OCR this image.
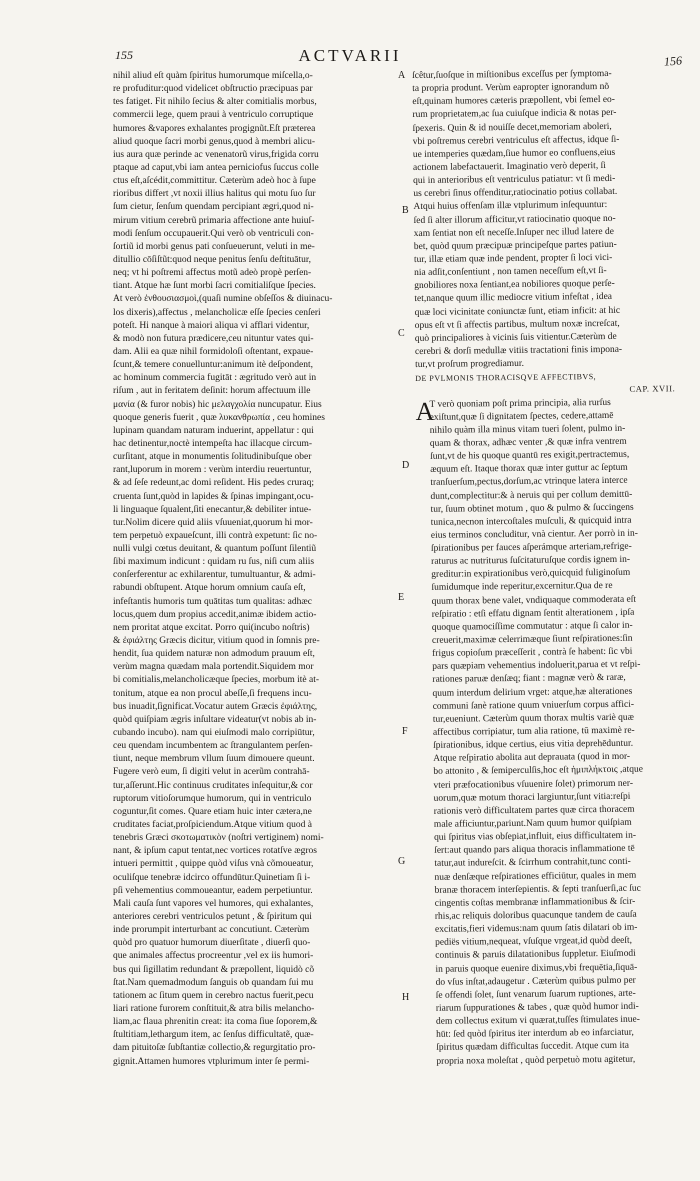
155	ACTVARII	156
nihil aliud eſt quàm ſpiritus humorumque miſcella,o-
re profuditur:quod videlicet obſtructio præcipuas par
tes fatiget. Fit nihilo ſecius & alter comitialis morbus,
commercii lege, quem praui à ventriculo corruptique
humores &vapores exhalantes progignũt.Eſt præterea
aliud quoque ſacri morbi genus,quod à membri alicu-
ius aura quæ perinde ac venenatorũ virus,frigida corru
ptaque ad caput,vbi iam antea perniciofus ſuccus colle
ctus eſt,aſcédit,committitur. Cæterùm adeò hoc à ſupe
rioribus differt ,vt noxii illius halitus qui motu ſuo ſur
ſum cietur, ſenſum quendam percipiant ægri,quod ni-
mirum vitium cerebrũ primaria affectione ante huiuſ-
modi ſenſum occupauerit.Qui verò ob ventriculi con-
ſortiũ id morbi genus pati conſueuerunt, veluti in me-
ditullio cōſiſtũt:quod neque penitus ſenſu deſtituātur,
neq; vt hi poſtremi affectus motũ adeò propè perſen-
tiant. Atque hæ ſunt morbi ſacri comitialiſque ſpecies.
At verò ἐνθουσιασμοὶ,(quaſi numine obſeſſos & diuinacu-
los dixeris),affectus , melancholicæ eſſe ſpecies cenſeri
poteſt. Hi nanque à maiori aliqua vi afflari videntur,
& modò non futura prædicere,ceu nituntur vates qui-
dam. Alii ea quæ nihil formidoloſi oſtentant, expaue-
ſcunt,& temere conuelluntur:animum itè deſpondent,
ac hominum commercia fugitāt : ægritudo verò aut in
riſum , aut in feritatem deſinit: horum affectuum ille
μανία (& furor nobis) hic μελαγχολία nuncupatur. Eius
quoque generis fuerit , quæ λυκανθρωπία , ceu homines
lupinam quandam naturam induerint, appellatur : qui
hac detinentur,noctè intempeſta hac illacque circum-
curſitant, atque in monumentis ſolitudinibuſque ober
rant,luporum in morem : verùm interdiu reuertuntur,
& ad ſeſe redeunt,ac domi reſident. His pedes cruraq;
cruenta ſunt,quòd in lapides & ſpinas impingant,ocu-
li linguaque ſqualent,ſiti enecantur,& debiliter intue-
tur.Nolim dicere quid aliis vſuueniat,quorum hi mor-
tem perpetuò expaueſcunt, illi contrà expetunt: ſic no-
nulli vulgi cœtus deuitant, & quantum poſſunt ſilentiũ
ſibi maximum indicunt : quidam ru ſus, niſi cum aliis
conſerferentur ac exhilarentur, tumultuantur, & admi-
rabundi obſtupent. Atque horum omnium cauſa eſt,
infeſtantis humoris tum quātitas tum qualitas: adhæc
locus,quem dum propius accedit,animæ ibidem actio-
nem proritat atque excitat. Porro qui(incubo noſtris)
& ἐφιάλτης Græcis dicitur, vitium quod in ſomnis pre-
hendit, ſua quidem naturæ non admodum prauum eſt,
verùm magna quædam mala portendit.Siquidem mor
bi comitialis,melancholicæque ſpecies, morbum itè at-
tonitum, atque ea non procul abeſſe,ſi frequens incu-
bus inuadit,ſignificat.Vocatur autem Græcis ἐφιάλτης,
quòd quiſpiam ægris inſultare videatur(vt nobis ab in-
cubando incubo). nam qui eiuſmodi malo corripiūtur,
ceu quendam incumbentem ac ſtrangulantem perſen-
tiunt, neque membrum vllum ſuum dimouere queunt.
Fugere verò eum, ſi digiti velut in acerũm contrahā-
tur,aſſerunt.Hic continuus cruditates inſequitur,& cor
ruptorum vitioſorumque humorum, qui in ventriculo
coguntur,ſit comes. Quare etiam huic inter cætera,ne
cruditates faciat,proſpiciendum.Atque vitium quod à
tenebris Græci σκοτωματικὸν (noſtri vertiginem) nomi-
nant, & ipſum caput tentat,nec vortices rotatſve ægros
intueri permittit , quippe quòd viſus vnà cõmoueatur,
oculiſque tenebræ idcirco offundūtur.Quinetiam ſi i-
pſi vehementius commoueantur, eadem perpetiuntur.
Mali cauſa ſunt vapores vel humores, qui exhalantes,
anteriores cerebri ventriculos petunt , & ſpiritum qui
inde prorumpit interturbant ac concutiunt. Cæterùm
quòd pro quatuor humorum diuerſitate , diuerſi quo-
que animales affectus procreentur ,vel ex iis humori-
bus qui ſigillatim redundant & præpollent, liquidò cõ
ſtat.Nam quemadmodum ſanguis ob quandam ſui mu
tationem ac ſitum quem in cerebro nactus fuerit,pecu
liari ratione furorem conſtituit,& atra bilis melancho-
liam,ac flaua phrenitin creat: ita coma ſiue ſoporem,&
ſtultitiam,lethargum item, ac ſenſus difficultatẽ, quæ-
dam pituitoſæ ſubſtantiæ collectio,& regurgitatio pro-
gignit.Attamen humores vtplurimum inter ſe permi-
ſcêtur,ſuoſque in miſtionibus exceſſus per ſymptoma-
ta propria produnt. Verùm eapropter ignorandum nõ
eſt,quinam humores cæteris præpollent, vbi ſemel eo-
rum proprietatem,ac ſua cuiuſque indicia & notas per-
ſpexeris. Quin & id nouiſſe decet,memoriam aboleri,
vbi poſtremus cerebri ventriculus eſt affectus, idque ſi-
ue intemperies quædam,ſiue humor eo confluens,eius
actionem labefactauerit. Imaginatio verò deperit, ſi
qui in anterioribus eſt ventriculus patiatur: vt ſi medi-
us cerebri ſinus offenditur,ratiocinatio potius collabat.
Atqui huius offenſam illæ vtplurimum inſequuntur:
ſed ſi alter illorum afficitur,vt ratiocinatio quoque no-
xam ſentiat non eſt neceſſe.Inſuper nec illud latere de
bet, quòd quum præcipuæ principeſque partes patiun-
tur, illæ etiam quæ inde pendent, propter ſi loci vici-
nia adſit,conſentiunt , non tamen neceſſum eſt,vt ſi-
gnobiliores noxa ſentiant,ea nobiliores quoque perſe-
tet,nanque quum illic mediocre vitium infeſtat , idea
quæ loci vicinitate coniunctæ ſunt, etiam inficit: at hic
opus eſt vt ſi affectis partibus, multum noxæ increſcat,
quò principaliores à vicinis ſuis vitientur.Cæterùm de
cerebri & dorſi medullæ vitiis tractationi finis impona-
tur,vt proſrum progrediamur.
DE PVLMONIS THORACISQVE AFFECTIBVS,
CAP. XVII.
A
T verò quoniam poſt prima principia, alia rurſus
exiſtunt,quæ ſi dignitatem ſpectes, cedere,attamē
nihilo quàm illa minus vitam tueri ſolent, pulmo in-
quam & thorax, adhæc venter ,& quæ infra ventrem
ſunt,vt de his quoque quantū res exigit,pertractemus,
æquum eſt. Itaque thorax quæ inter guttur ac ſeptum
tranſuerſum,pectus,dorſum,ac vtrinque latera interce
dunt,complectitur:& à neruis qui per collum demittū-
tur, ſuum obtinet motum , quo & pulmo & ſuccingens
tunica,necnon intercoſtales muſculi, & quicquid intra
eius terminos concluditur, vnà cientur. Aer porrò in in-
ſpirationibus per fauces aſperámque arteriam,refrige-
raturus ac nutriturus ſuſcitaturuſque cordis ignem in-
greditur:in expirationibus verò,quicquid fuliginoſum
ſumidumque inde reperitur,excernitur.Qua de re
quum thorax bene valet, vndiquaque commoderata eſt
reſpiratio : etſi effatu dignam ſentit alterationem , ipſa
quoque quamociſſime commutatur : atque ſi calor in-
creuerit,maximæ celerrimæque ſiunt reſpirationes:ſin
frigus copioſum præceſſerit , contrà ſe habent: ſic vbi
pars quæpiam vehementius indoluerit,parua et vt reſpi-
rationes paruæ denſæq; fiant : magnæ verò & raræ,
quum interdum delirium vrget: atque,hæ alterationes
communi ſanè ratione quum vniuerſum corpus affici-
tur,eueniunt. Cæterùm quum thorax multis variè quæ
affectibus corripiatur, tum alia ratione, tū maximè re-
ſpirationibus, idque certius, eius vitia deprehēduntur.
Atque reſpiratio abolita aut deprauata (quod in mor-
bo attonito , & ſemiperculſis,hoc eſt ἡμιπλήκτοις ,atque
vteri præfocationibus vſuuenire ſolet) primorum ner-
uorum,quæ motum thoraci largiuntur,ſunt vitia:reſpi
rationis verò difficultatem partes quæ circa thoracem
male afficiuntur,pariunt.Nam quum humor quiſpiam
qui ſpiritus vias obſepiat,influit, eius difficultatem in-
ſert:aut quando pars aliqua thoracis inflammatione tē
tatur,aut indureſcit. & ſcirrhum contrahit,tunc conti-
nuæ denſæque reſpirationes efficiūtur, quales in mem
branæ thoracem interſepientis. & ſepti tranſuerſi,ac ſuc
cingentis coſtas membranæ inflammationibus & ſcir-
rhis,ac reliquis doloribus quacunque tandem de cauſa
excitatis,fieri videmus:nam quum ſatis dilatari ob im-
pediës vitium,nequeat, vſuſque vrgeat,id quòd deeſt,
continuis & paruis dilatationibus ſuppletur. Eiuſmodi
in paruis quoque euenire diximus,vbi frequētia,ſiquā-
do vſus inſtat,adaugetur . Cæterùm quibus pulmo per
ſe offendi ſolet, ſunt venarum ſuarum ruptiones, arte-
riarum ſuppurationes & tabes , quæ quòd humor indi-
dem collectus exitum vi quærat,tuſſes ſtimulates inue-
hūt: ſed quòd ſpiritus iter interdum ab eo infarciatur,
ſpiritus quædam difficultas ſuccedit. Atque cum ita
propria noxa moleſtat , quòd perpetuò motu agitetur,
A
B
C
D
E
F
G
H
